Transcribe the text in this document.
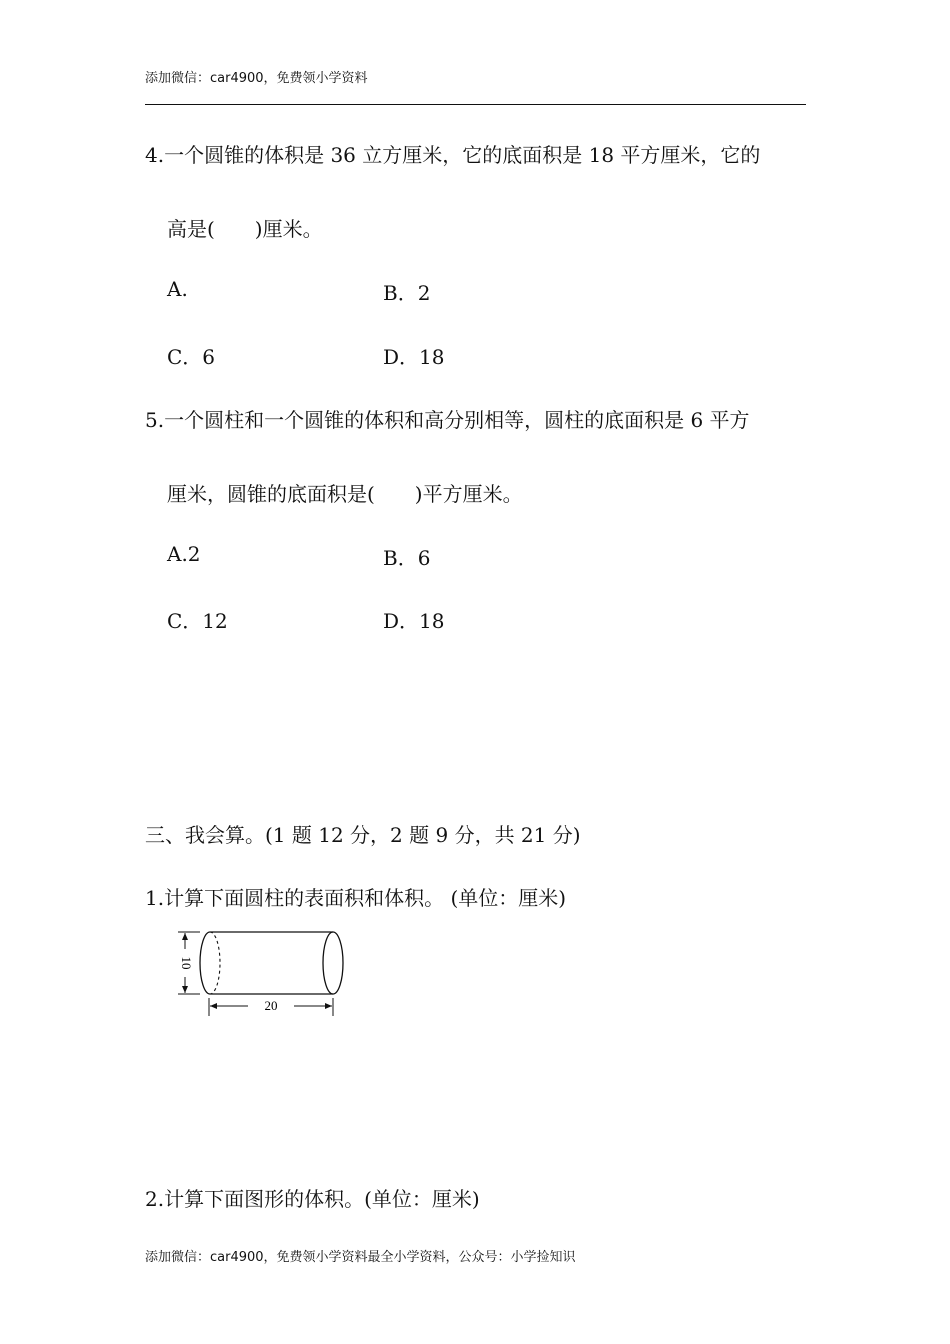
添加微信：car4900，免费领小学资料
4.一个圆锥的体积是 36 立方厘米，它的底面积是 18 平方厘米，它的
高是(　　)厘米。
A.	B．2
C．6	D．18
5.一个圆柱和一个圆锥的体积和高分别相等，圆柱的底面积是 6 平方
厘米，圆锥的底面积是(　　)平方厘米。
A.2	B．6
C．12	D．18
三、我会算。(1 题 12 分，2 题 9 分，共 21 分)
1.计算下面圆柱的表面积和体积。 (单位：厘米)
10
20
2.计算下面图形的体积。(单位：厘米)
添加微信：car4900，免费领小学资料最全小学资料，公众号：小学捡知识
